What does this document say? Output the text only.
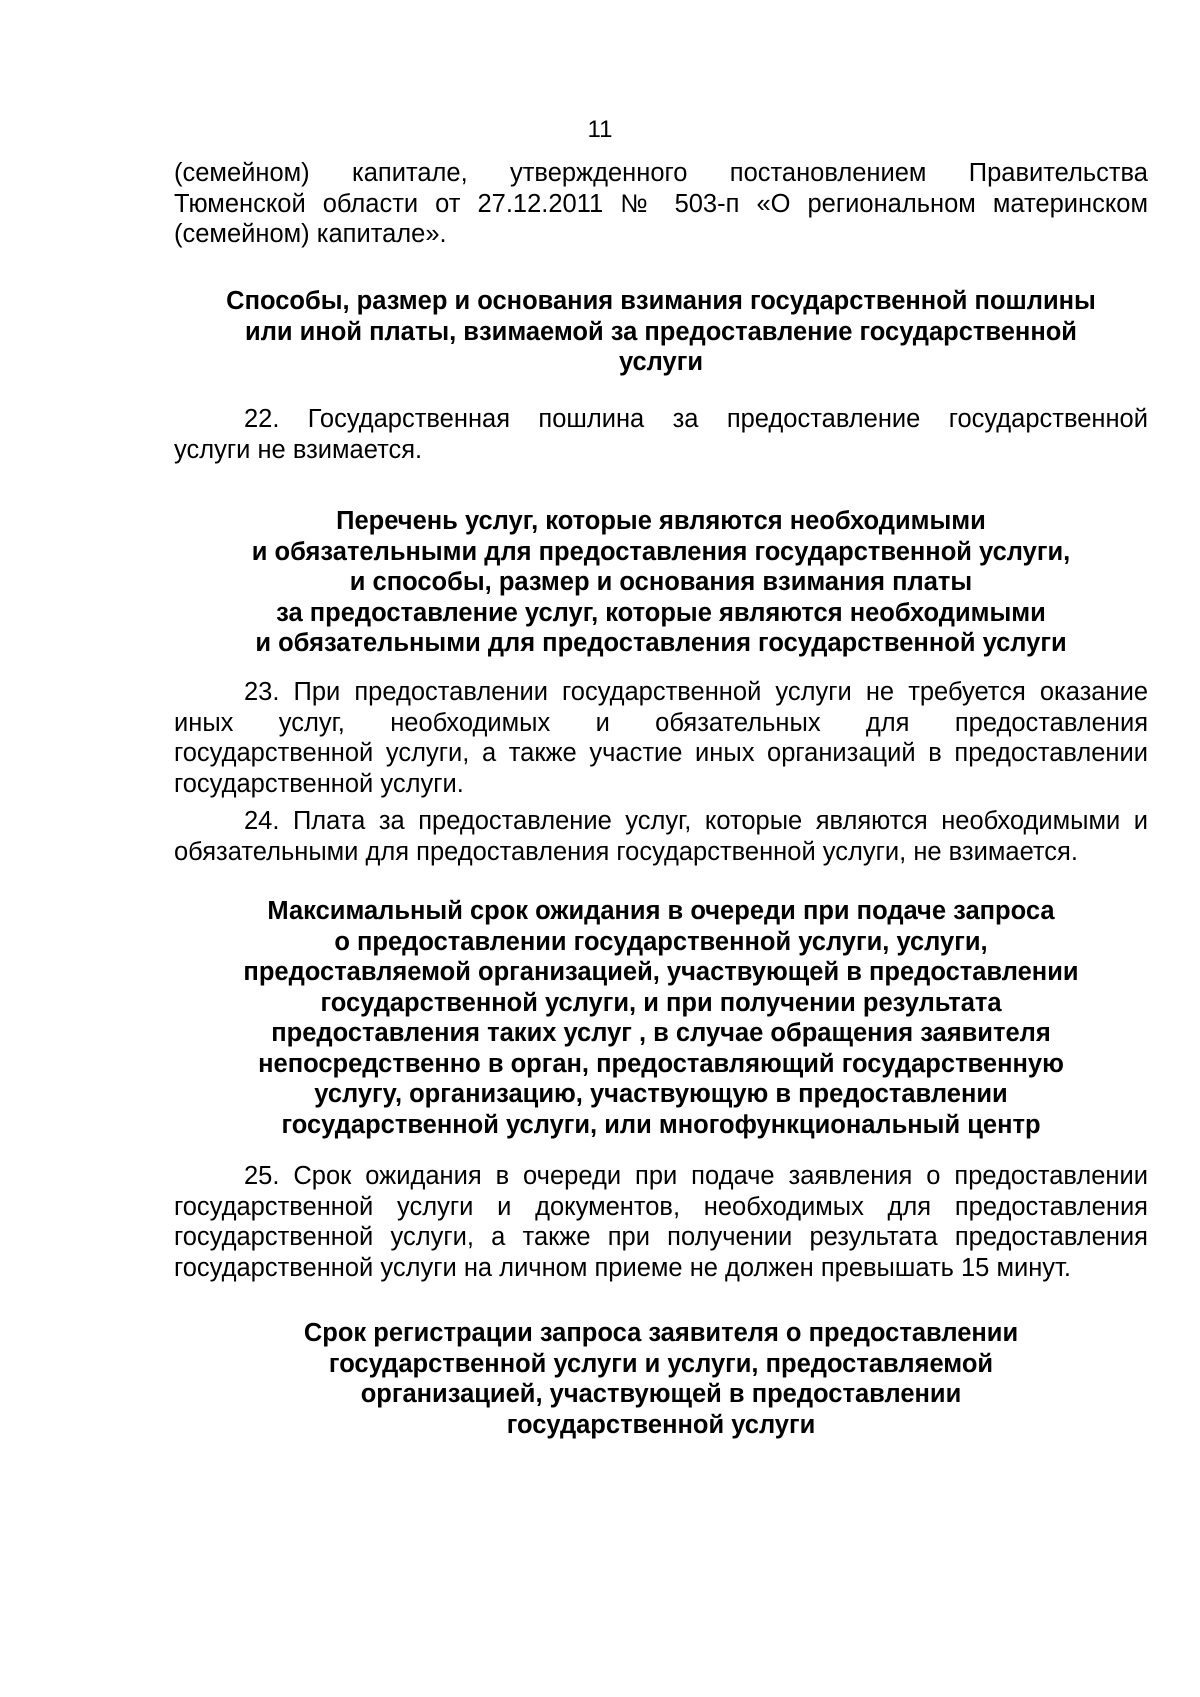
11
(семейном) капитале, утвержденного постановлением Правительства
Тюменской области от 27.12.2011 № 503-п «О региональном материнском
(семейном) капитале».
Способы, размер и основания взимания государственной пошлины
или иной платы, взимаемой за предоставление государственной
услуги
22. Государственная пошлина за предоставление государственной
услуги не взимается.
Перечень услуг, которые являются необходимыми
и обязательными для предоставления государственной услуги,
и способы, размер и основания взимания платы
за предоставление услуг, которые являются необходимыми
и обязательными для предоставления государственной услуги
23. При предоставлении государственной услуги не требуется оказание
иных услуг, необходимых и обязательных для предоставления
государственной услуги, а также участие иных организаций в предоставлении
государственной услуги.
24. Плата за предоставление услуг, которые являются необходимыми и
обязательными для предоставления государственной услуги, не взимается.
Максимальный срок ожидания в очереди при подаче запроса
о предоставлении государственной услуги, услуги,
предоставляемой организацией, участвующей в предоставлении
государственной услуги, и при получении результата
предоставления таких услуг , в случае обращения заявителя
непосредственно в орган, предоставляющий государственную
услугу, организацию, участвующую в предоставлении
государственной услуги, или многофункциональный центр
25. Срок ожидания в очереди при подаче заявления о предоставлении
государственной услуги и документов, необходимых для предоставления
государственной услуги, а также при получении результата предоставления
государственной услуги на личном приеме не должен превышать 15 минут.
Срок регистрации запроса заявителя о предоставлении
государственной услуги и услуги, предоставляемой
организацией, участвующей в предоставлении
государственной услуги
